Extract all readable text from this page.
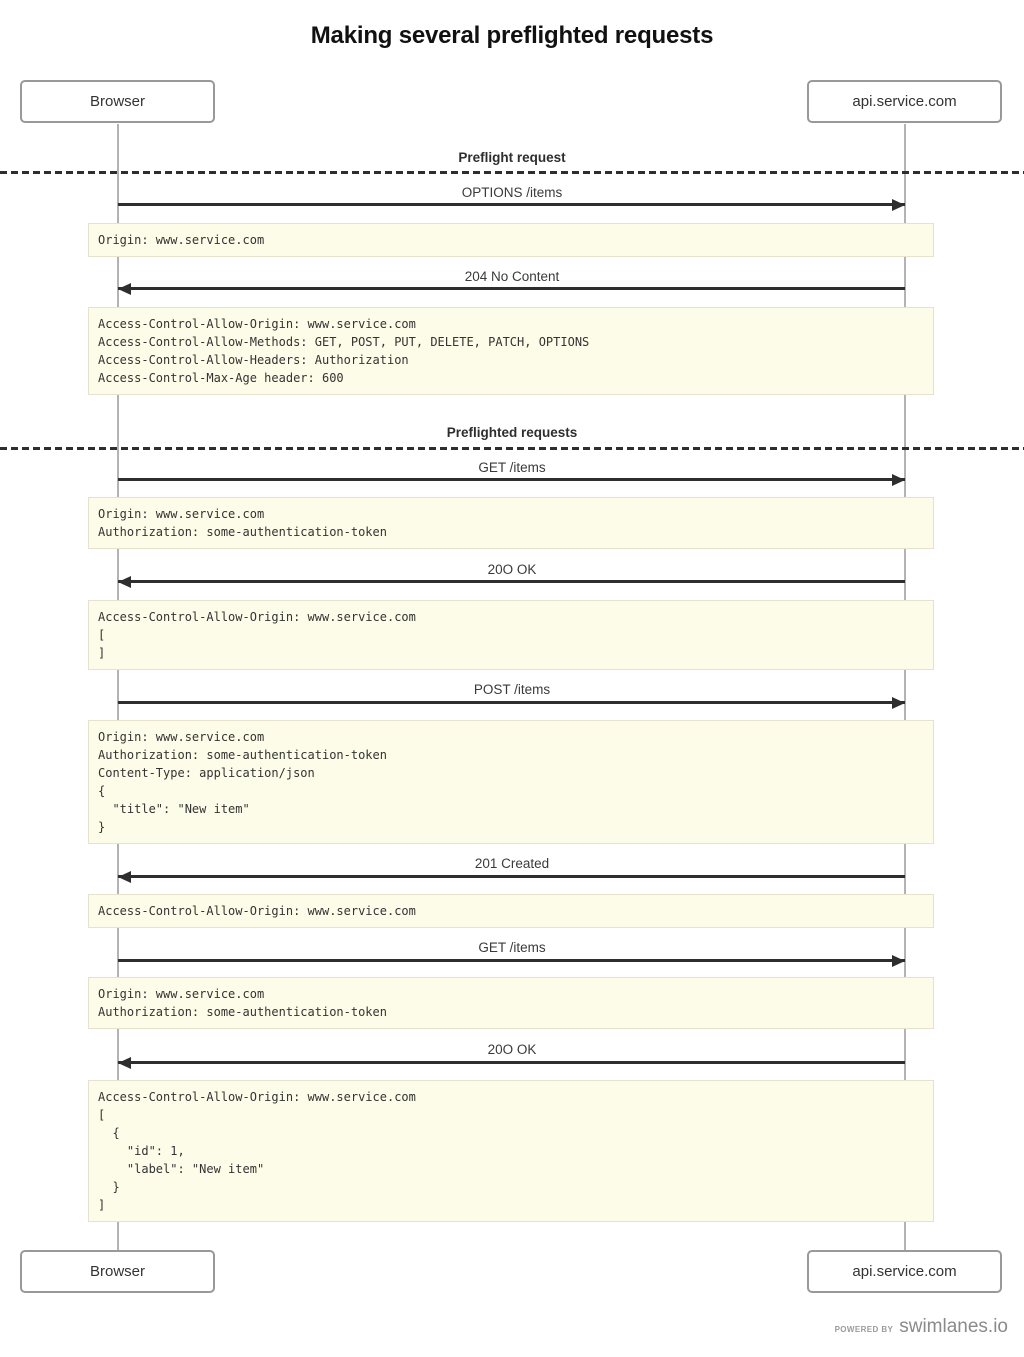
Making several preflighted requests
Browser	api.service.com
Preflight request
OPTIONS /items
Origin: www.service.com
204 No Content
Access-Control-Allow-Origin: www.service.com
Access-Control-Allow-Methods: GET, POST, PUT, DELETE, PATCH, OPTIONS
Access-Control-Allow-Headers: Authorization
Access-Control-Max-Age header: 600
Preflighted requests
GET /items
Origin: www.service.com
Authorization: some-authentication-token
20O OK
Access-Control-Allow-Origin: www.service.com
[
]
POST /items
Origin: www.service.com
Authorization: some-authentication-token
Content-Type: application/json
{
"title": "New item"
}
201 Created
Access-Control-Allow-Origin: www.service.com
GET /items
Origin: www.service.com
Authorization: some-authentication-token
20O OK
Access-Control-Allow-Origin: www.service.com
[
{
"id": 1,
"label": "New item"
}
]
Browser	api.service.com
POWERED BY swimlanes.io
